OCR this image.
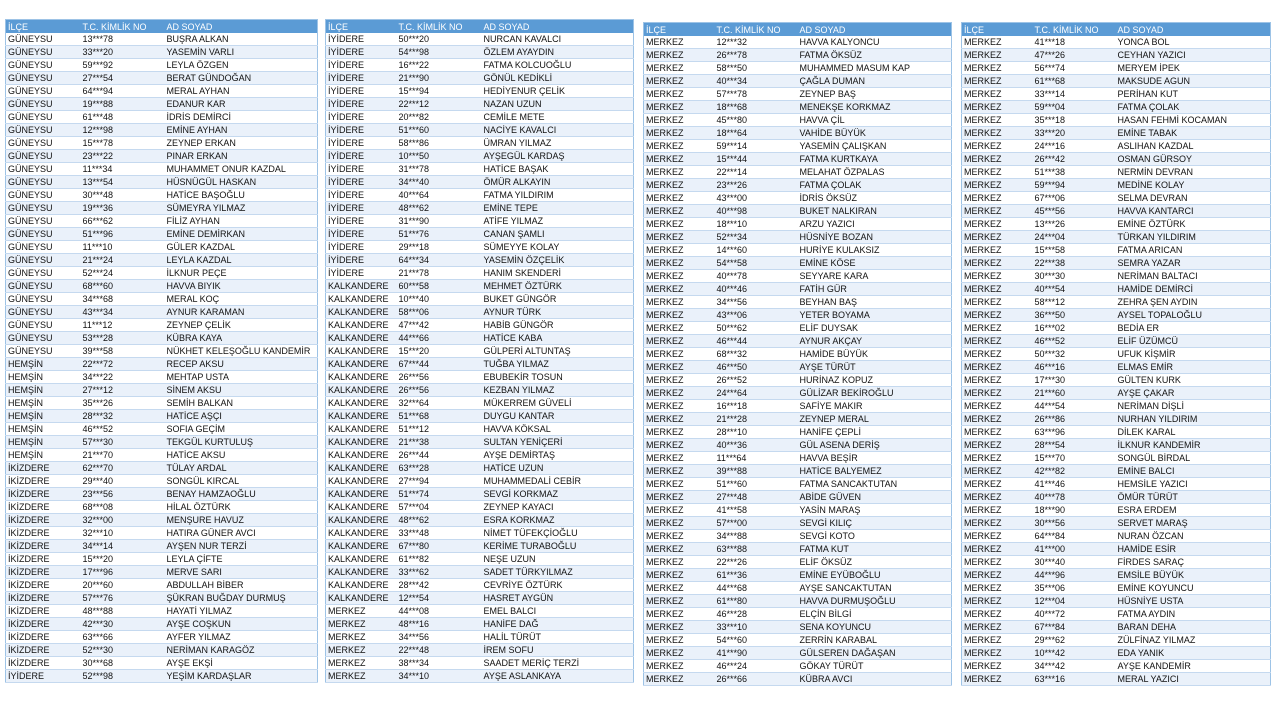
İLÇE	T.C. KİMLİK NO	AD SOYAD
GÜNEYSU	13***78	BUŞRA ALKAN
GÜNEYSU	33***20	YASEMİN VARLI
GÜNEYSU	59***92	LEYLA ÖZGEN
GÜNEYSU	27***54	BERAT GÜNDOĞAN
GÜNEYSU	64***94	MERAL AYHAN
GÜNEYSU	19***88	EDANUR KAR
GÜNEYSU	61***48	İDRİS DEMİRCİ
GÜNEYSU	12***98	EMİNE AYHAN
GÜNEYSU	15***78	ZEYNEP ERKAN
GÜNEYSU	23***22	PINAR ERKAN
GÜNEYSU	11***34	MUHAMMET ONUR KAZDAL
GÜNEYSU	13***54	HÜSNÜGÜL HASKAN
GÜNEYSU	30***48	HATİCE BAŞOĞLU
GÜNEYSU	19***36	SÜMEYRA YILMAZ
GÜNEYSU	66***62	FİLİZ AYHAN
GÜNEYSU	51***96	EMİNE DEMİRKAN
GÜNEYSU	11***10	GÜLER KAZDAL
GÜNEYSU	21***24	LEYLA KAZDAL
GÜNEYSU	52***24	İLKNUR PEÇE
GÜNEYSU	68***60	HAVVA BIYIK
GÜNEYSU	34***68	MERAL KOÇ
GÜNEYSU	43***34	AYNUR KARAMAN
GÜNEYSU	11***12	ZEYNEP ÇELİK
GÜNEYSU	53***28	KÜBRA KAYA
GÜNEYSU	39***58	NÜKHET KELEŞOĞLU KANDEMİR
HEMŞİN	22***72	RECEP AKSU
HEMŞİN	34***22	MEHTAP USTA
HEMŞİN	27***12	SİNEM AKSU
HEMŞİN	35***26	SEMİH BALKAN
HEMŞİN	28***32	HATİCE AŞÇI
HEMŞİN	46***52	SOFIA GEÇİM
HEMŞİN	57***30	TEKGÜL KURTULUŞ
HEMŞİN	21***70	HATİCE AKSU
İKİZDERE	62***70	TÜLAY ARDAL
İKİZDERE	29***40	SONGÜL KIRCAL
İKİZDERE	23***56	BENAY HAMZAOĞLU
İKİZDERE	68***08	HİLAL ÖZTÜRK
İKİZDERE	32***00	MENŞURE HAVUZ
İKİZDERE	32***10	HATIRA GÜNER AVCI
İKİZDERE	34***14	AYŞEN NUR TERZİ
İKİZDERE	15***20	LEYLA ÇİFTE
İKİZDERE	17***96	MERVE SARI
İKİZDERE	20***60	ABDULLAH BİBER
İKİZDERE	57***76	ŞÜKRAN BUĞDAY DURMUŞ
İKİZDERE	48***88	HAYATİ YILMAZ
İKİZDERE	42***30	AYŞE COŞKUN
İKİZDERE	63***66	AYFER YILMAZ
İKİZDERE	52***30	NERİMAN KARAGÖZ
İKİZDERE	30***68	AYŞE EKŞİ
İYİDERE	52***98	YEŞİM KARDAŞLAR
İLÇE	T.C. KİMLİK NO	AD SOYAD
İYİDERE	50***20	NURCAN KAVALCI
İYİDERE	54***98	ÖZLEM AYAYDIN
İYİDERE	16***22	FATMA KOLCUOĞLU
İYİDERE	21***90	GÖNÜL KEDİKLİ
İYİDERE	15***94	HEDİYENUR ÇELİK
İYİDERE	22***12	NAZAN UZUN
İYİDERE	20***82	CEMİLE METE
İYİDERE	51***60	NACİYE KAVALCI
İYİDERE	58***86	ÜMRAN YILMAZ
İYİDERE	10***50	AYŞEGÜL KARDAŞ
İYİDERE	31***78	HATİCE BAŞAK
İYİDERE	34***40	ÖMÜR ALKAYIN
İYİDERE	40***64	FATMA YILDIRIM
İYİDERE	48***62	EMİNE TEPE
İYİDERE	31***90	ATİFE YILMAZ
İYİDERE	51***76	CANAN ŞAMLI
İYİDERE	29***18	SÜMEYYE KOLAY
İYİDERE	64***34	YASEMİN ÖZÇELİK
İYİDERE	21***78	HANIM SKENDERİ
KALKANDERE	60***58	MEHMET ÖZTÜRK
KALKANDERE	10***40	BUKET GÜNGÖR
KALKANDERE	58***06	AYNUR TÜRK
KALKANDERE	47***42	HABİB GÜNGÖR
KALKANDERE	44***66	HATİCE KABA
KALKANDERE	15***20	GÜLPERİ ALTUNTAŞ
KALKANDERE	67***44	TUĞBA YILMAZ
KALKANDERE	26***56	EBUBEKİR TOSUN
KALKANDERE	26***56	KEZBAN YILMAZ
KALKANDERE	32***64	MÜKERREM GÜVELİ
KALKANDERE	51***68	DUYGU KANTAR
KALKANDERE	51***12	HAVVA KÖKSAL
KALKANDERE	21***38	SULTAN YENİÇERİ
KALKANDERE	26***44	AYŞE DEMİRTAŞ
KALKANDERE	63***28	HATİCE UZUN
KALKANDERE	27***94	MUHAMMEDALİ CEBİR
KALKANDERE	51***74	SEVGİ KORKMAZ
KALKANDERE	57***04	ZEYNEP KAYACI
KALKANDERE	48***62	ESRA KORKMAZ
KALKANDERE	33***48	NİMET TÜFEKÇİOĞLU
KALKANDERE	67***80	KERİME TURABOĞLU
KALKANDERE	61***82	NEŞE UZUN
KALKANDERE	33***62	SADET TÜRKYILMAZ
KALKANDERE	28***42	CEVRİYE ÖZTÜRK
KALKANDERE	12***54	HASRET AYGÜN
MERKEZ	44***08	EMEL BALCI
MERKEZ	48***16	HANİFE DAĞ
MERKEZ	34***56	HALİL TÜRÜT
MERKEZ	22***48	İREM SOFU
MERKEZ	38***34	SAADET MERİÇ TERZİ
MERKEZ	34***10	AYŞE ASLANKAYA
İLÇE	T.C. KİMLİK NO	AD SOYAD
MERKEZ	12***32	HAVVA KALYONCU
MERKEZ	26***78	FATMA ÖKSÜZ
MERKEZ	58***50	MUHAMMED MASUM KAP
MERKEZ	40***34	ÇAĞLA DUMAN
MERKEZ	57***78	ZEYNEP BAŞ
MERKEZ	18***68	MENEKŞE KORKMAZ
MERKEZ	45***80	HAVVA ÇİL
MERKEZ	18***64	VAHİDE BÜYÜK
MERKEZ	59***14	YASEMİN ÇALIŞKAN
MERKEZ	15***44	FATMA KURTKAYA
MERKEZ	22***14	MELAHAT ÖZPALAS
MERKEZ	23***26	FATMA ÇOLAK
MERKEZ	43***00	İDRİS ÖKSÜZ
MERKEZ	40***98	BUKET NALKIRAN
MERKEZ	18***10	ARZU YAZICI
MERKEZ	52***34	HÜSNİYE BOZAN
MERKEZ	14***60	HURİYE KULAKSIZ
MERKEZ	54***58	EMİNE KÖSE
MERKEZ	40***78	SEYYARE KARA
MERKEZ	40***46	FATİH GÜR
MERKEZ	34***56	BEYHAN BAŞ
MERKEZ	43***06	YETER BOYAMA
MERKEZ	50***62	ELİF DUYSAK
MERKEZ	46***44	AYNUR AKÇAY
MERKEZ	68***32	HAMİDE BÜYÜK
MERKEZ	46***50	AYŞE TÜRÜT
MERKEZ	26***52	HURİNAZ KOPUZ
MERKEZ	24***64	GÜLİZAR BEKİROĞLU
MERKEZ	16***18	SAFİYE MAKIR
MERKEZ	21***28	ZEYNEP MERAL
MERKEZ	28***10	HANİFE ÇEPLİ
MERKEZ	40***36	GÜL ASENA DERİŞ
MERKEZ	11***64	HAVVA BEŞİR
MERKEZ	39***88	HATİCE BALYEMEZ
MERKEZ	51***60	FATMA SANCAKTUTAN
MERKEZ	27***48	ABİDE GÜVEN
MERKEZ	41***58	YASİN MARAŞ
MERKEZ	57***00	SEVGİ KILIÇ
MERKEZ	34***88	SEVGİ KOTO
MERKEZ	63***88	FATMA KUT
MERKEZ	22***26	ELİF ÖKSÜZ
MERKEZ	61***36	EMİNE EYÜBOĞLU
MERKEZ	44***68	AYŞE SANCAKTUTAN
MERKEZ	61***80	HAVVA DURMUŞOĞLU
MERKEZ	46***28	ELÇİN BİLGİ
MERKEZ	33***10	SENA KOYUNCU
MERKEZ	54***60	ZERRİN KARABAL
MERKEZ	41***90	GÜLSEREN DAĞAŞAN
MERKEZ	46***24	GÖKAY TÜRÜT
MERKEZ	26***66	KÜBRA AVCI
İLÇE	T.C. KİMLİK NO	AD SOYAD
MERKEZ	41***18	YONCA BOL
MERKEZ	47***26	CEYHAN YAZICI
MERKEZ	56***74	MERYEM İPEK
MERKEZ	61***68	MAKSUDE AGUN
MERKEZ	33***14	PERİHAN KUT
MERKEZ	59***04	FATMA ÇOLAK
MERKEZ	35***18	HASAN FEHMİ KOCAMAN
MERKEZ	33***20	EMİNE TABAK
MERKEZ	24***16	ASLIHAN KAZDAL
MERKEZ	26***42	OSMAN GÜRSOY
MERKEZ	51***38	NERMİN DEVRAN
MERKEZ	59***94	MEDİNE KOLAY
MERKEZ	67***06	SELMA DEVRAN
MERKEZ	45***56	HAVVA KANTARCI
MERKEZ	13***26	EMİNE ÖZTÜRK
MERKEZ	24***04	TÜRKAN YILDIRIM
MERKEZ	15***58	FATMA ARICAN
MERKEZ	22***38	SEMRA YAZAR
MERKEZ	30***30	NERİMAN BALTACI
MERKEZ	40***54	HAMİDE DEMİRCİ
MERKEZ	58***12	ZEHRA ŞEN AYDIN
MERKEZ	36***50	AYSEL TOPALOĞLU
MERKEZ	16***02	BEDİA ER
MERKEZ	46***52	ELİF ÜZÜMCÜ
MERKEZ	50***32	UFUK KİŞMİR
MERKEZ	46***16	ELMAS EMİR
MERKEZ	17***30	GÜLTEN KURK
MERKEZ	21***60	AYŞE ÇAKAR
MERKEZ	44***54	NERİMAN DİŞLİ
MERKEZ	26***86	NURHAN YILDIRIM
MERKEZ	63***96	DİLEK KARAL
MERKEZ	28***54	İLKNUR KANDEMİR
MERKEZ	15***70	SONGÜL BİRDAL
MERKEZ	42***82	EMİNE BALCI
MERKEZ	41***46	HEMSİLE YAZICI
MERKEZ	40***78	ÖMÜR TÜRÜT
MERKEZ	18***90	ESRA ERDEM
MERKEZ	30***56	SERVET MARAŞ
MERKEZ	64***84	NURAN ÖZCAN
MERKEZ	41***00	HAMİDE ESİR
MERKEZ	30***40	FİRDES SARAÇ
MERKEZ	44***96	EMSİLE BÜYÜK
MERKEZ	35***06	EMİNE KOYUNCU
MERKEZ	12***04	HÜSNİYE USTA
MERKEZ	40***72	FATMA AYDIN
MERKEZ	67***84	BARAN DEHA
MERKEZ	29***62	ZÜLFİNAZ YILMAZ
MERKEZ	10***42	EDA YANIK
MERKEZ	34***42	AYŞE KANDEMİR
MERKEZ	63***16	MERAL YAZICI
